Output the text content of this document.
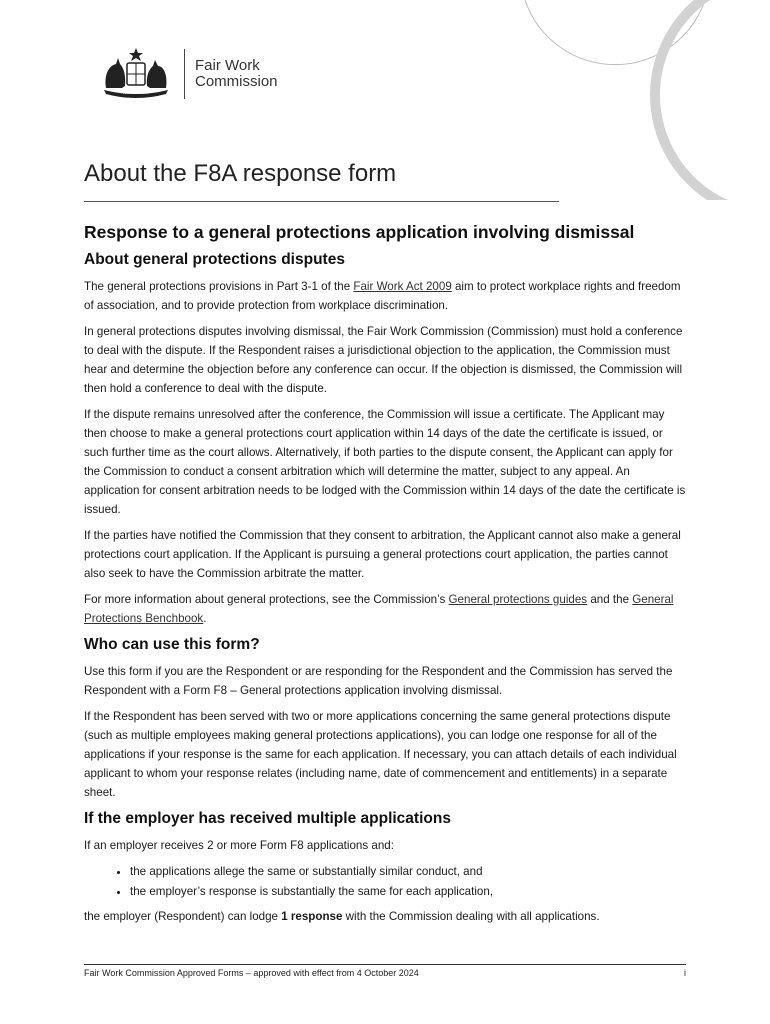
AUSTRALIA
Fair Work
Commission
About the F8A response form
Response to a general protections application involving dismissal
About general protections disputes

The general protections provisions in Part 3-1 of the Fair Work Act 2009 aim to protect workplace rights and freedom of association, and to provide protection from workplace discrimination.

In general protections disputes involving dismissal, the Fair Work Commission (Commission) must hold a conference to deal with the dispute. If the Respondent raises a jurisdictional objection to the application, the Commission must hear and determine the objection before any conference can occur. If the objection is dismissed, the Commission will then hold a conference to deal with the dispute.

If the dispute remains unresolved after the conference, the Commission will issue a certificate. The Applicant may then choose to make a general protections court application within 14 days of the date the certificate is issued, or such further time as the court allows. Alternatively, if both parties to the dispute consent, the Applicant can apply for the Commission to conduct a consent arbitration which will determine the matter, subject to any appeal. An application for consent arbitration needs to be lodged with the Commission within 14 days of the date the certificate is issued.

If the parties have notified the Commission that they consent to arbitration, the Applicant cannot also make a general protections court application. If the Applicant is pursuing a general protections court application, the parties cannot also seek to have the Commission arbitrate the matter.

For more information about general protections, see the Commission’s General protections guides and the General Protections Benchbook.

Who can use this form?

Use this form if you are the Respondent or are responding for the Respondent and the Commission has served the Respondent with a Form F8 – General protections application involving dismissal.

If the Respondent has been served with two or more applications concerning the same general protections dispute (such as multiple employees making general protections applications), you can lodge one response for all of the applications if your response is the same for each application. If necessary, you can attach details of each individual applicant to whom your response relates (including name, date of commencement and entitlements) in a separate sheet.

If the employer has received multiple applications

If an employer receives 2 or more Form F8 applications and:

• the applications allege the same or substantially similar conduct, and
• the employer’s response is substantially the same for each application,

the employer (Respondent) can lodge 1 response with the Commission dealing with all applications.

Fair Work Commission Approved Forms – approved with effect from 4 October 2024	i
